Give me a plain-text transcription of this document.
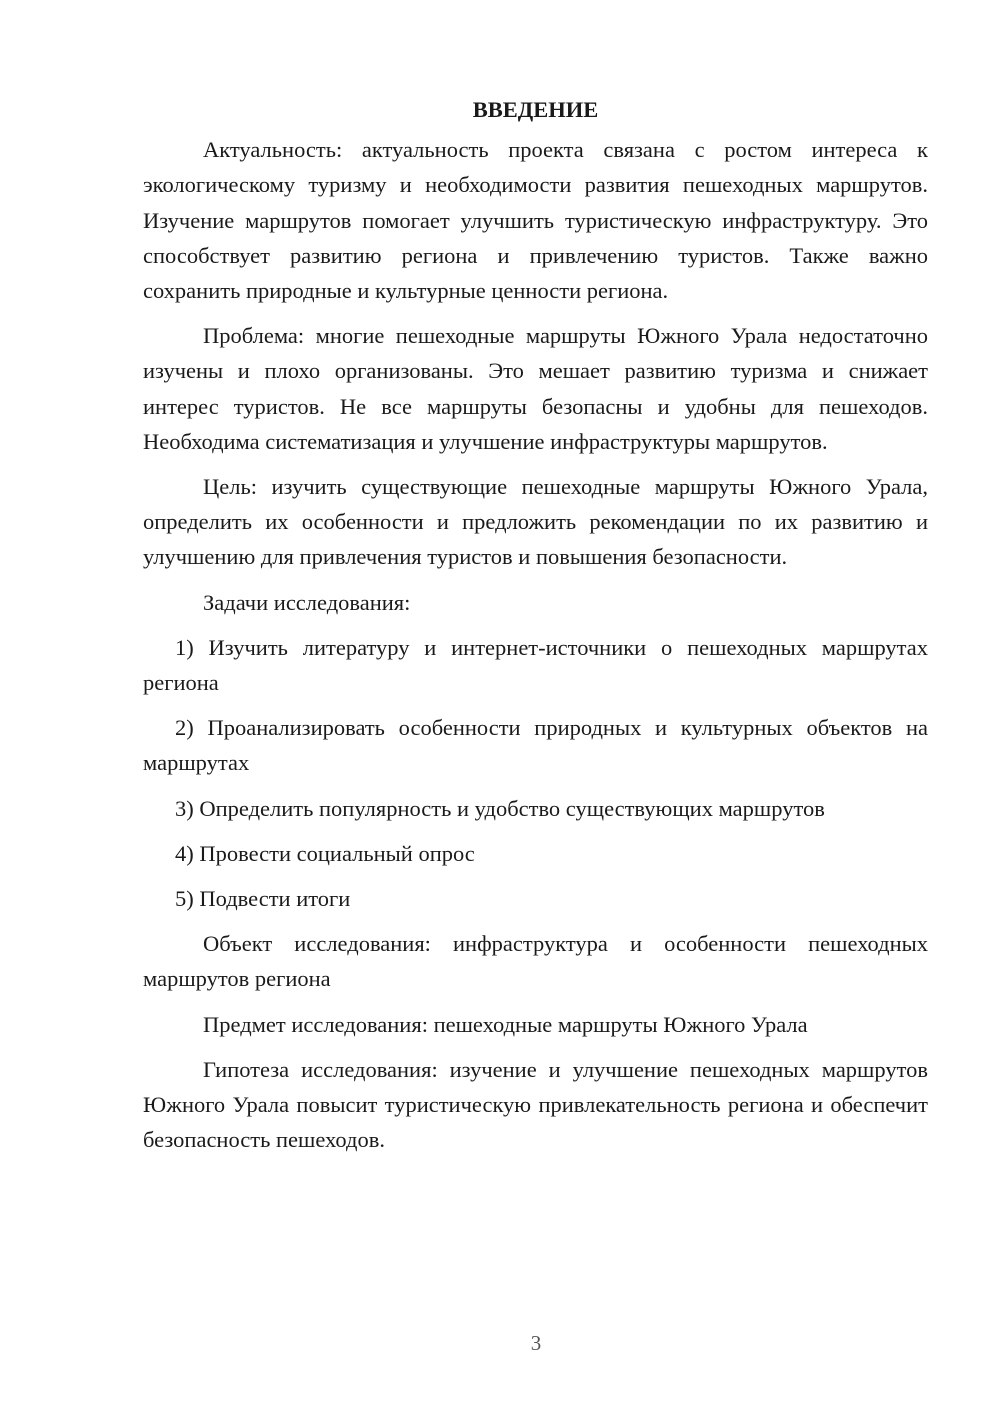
ВВЕДЕНИЕ

Актуальность: актуальность проекта связана с ростом интереса к экологическому туризму и необходимости развития пешеходных маршрутов. Изучение маршрутов помогает улучшить туристическую инфраструктуру. Это способствует развитию региона и привлечению туристов. Также важно сохранить природные и культурные ценности региона.

Проблема: многие пешеходные маршруты Южного Урала недостаточно изучены и плохо организованы. Это мешает развитию туризма и снижает интерес туристов. Не все маршруты безопасны и удобны для пешеходов. Необходима систематизация и улучшение инфраструктуры маршрутов.

Цель: изучить существующие пешеходные маршруты Южного Урала, определить их особенности и предложить рекомендации по их развитию и улучшению для привлечения туристов и повышения безопасности.

Задачи исследования:

1) Изучить литературу и интернет-источники о пешеходных маршрутах региона

2) Проанализировать особенности природных и культурных объектов на маршрутах

3) Определить популярность и удобство существующих маршрутов

4) Провести социальный опрос

5) Подвести итоги

Объект исследования: инфраструктура и особенности пешеходных маршрутов региона

Предмет исследования: пешеходные маршруты Южного Урала

Гипотеза исследования: изучение и улучшение пешеходных маршрутов Южного Урала повысит туристическую привлекательность региона и обеспечит безопасность пешеходов.

3
